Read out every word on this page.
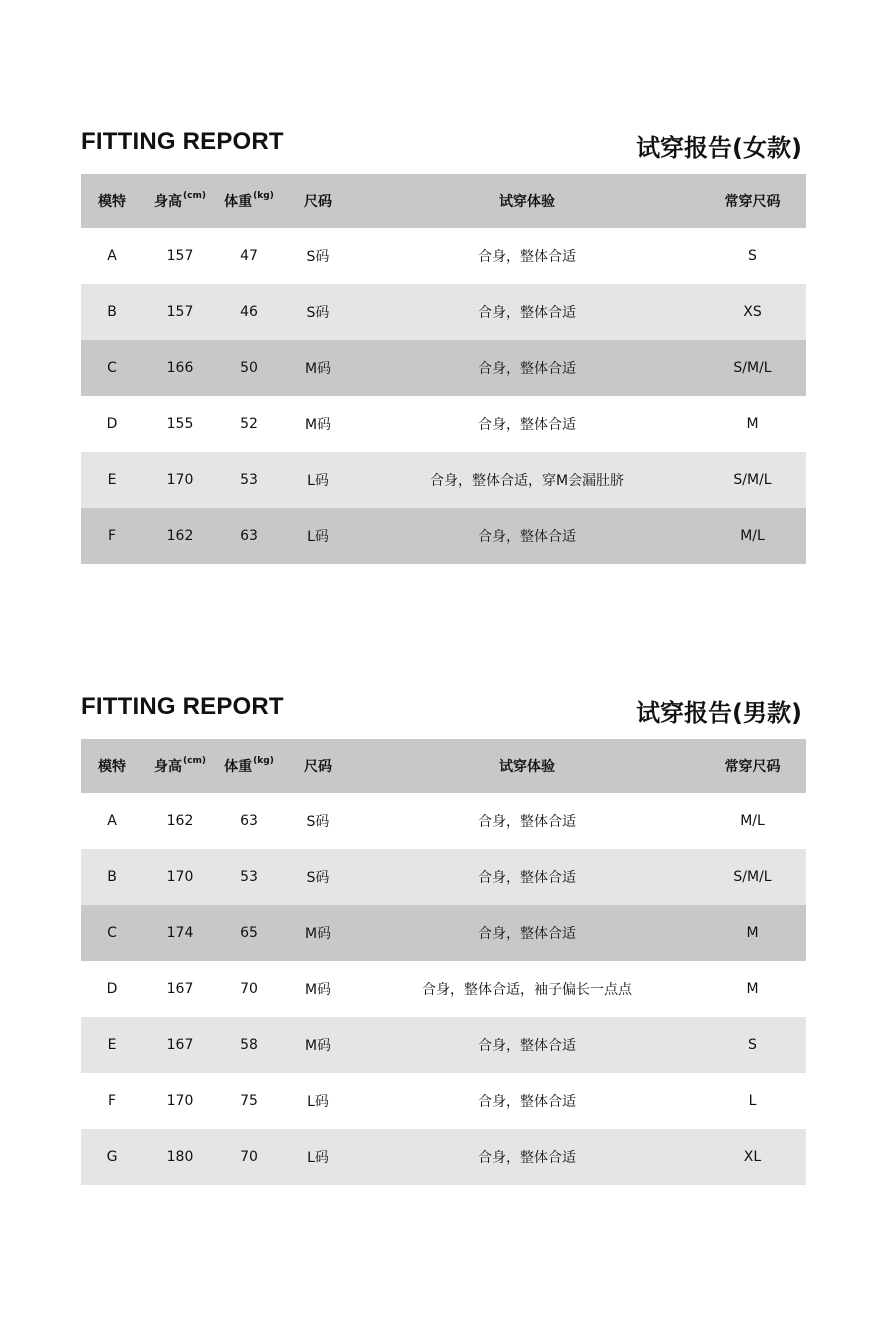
FITTING REPORT	试穿报告(女款)
模特	身高$^{(cm)}$	体重$^{(kg)}$	尺码	试穿体验	常穿尺码
A	157	47	S码	合身，整体合适	S
B	157	46	S码	合身，整体合适	XS
C	166	50	M码	合身，整体合适	S/M/L
D	155	52	M码	合身，整体合适	M
E	170	53	L码	合身，整体合适，穿M会漏肚脐	S/M/L
F	162	63	L码	合身，整体合适	M/L
FITTING REPORT	试穿报告(男款)
模特	身高$^{(cm)}$	体重$^{(kg)}$	尺码	试穿体验	常穿尺码
A	162	63	S码	合身，整体合适	M/L
B	170	53	S码	合身，整体合适	S/M/L
C	174	65	M码	合身，整体合适	M
D	167	70	M码	合身，整体合适，袖子偏长一点点	M
E	167	58	M码	合身，整体合适	S
F	170	75	L码	合身，整体合适	L
G	180	70	L码	合身，整体合适	XL
